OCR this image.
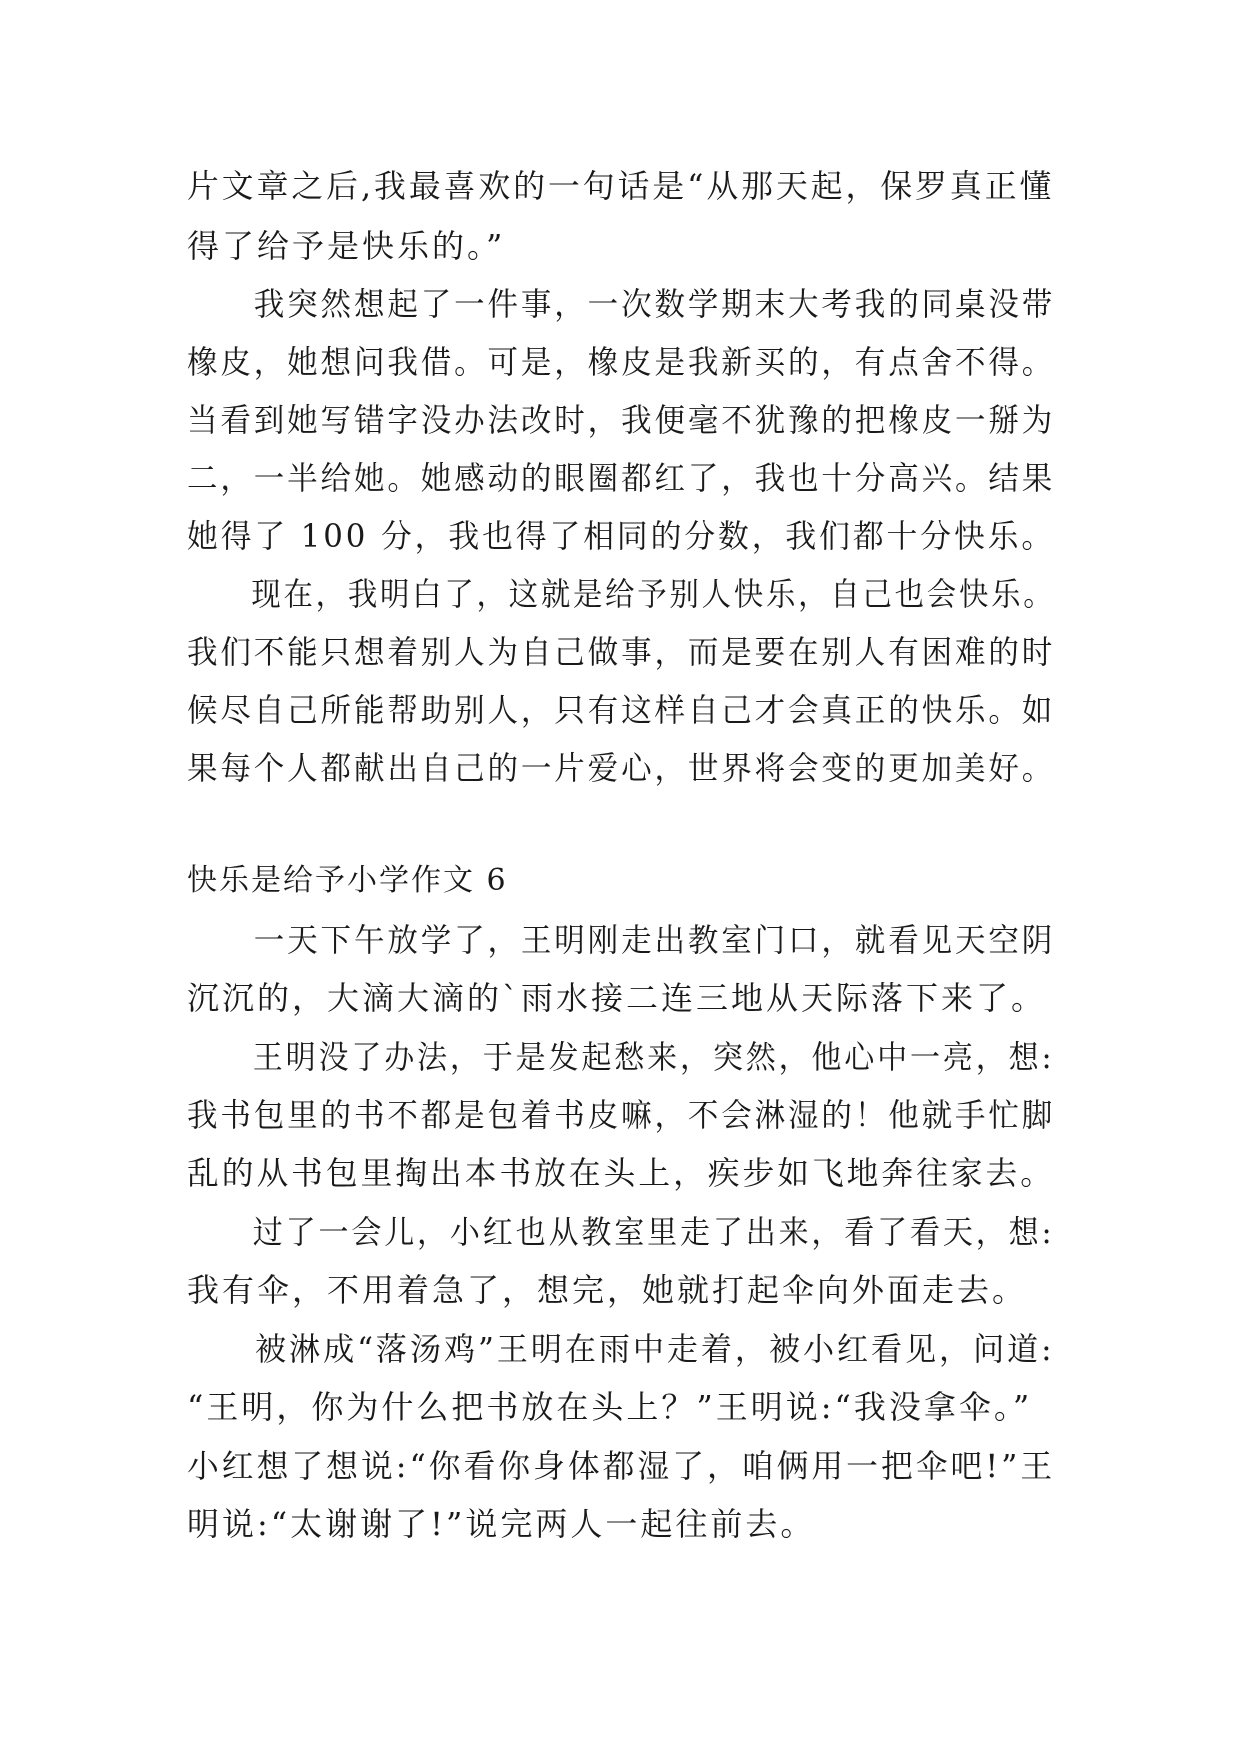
片文章之后,我最喜欢的一句话是“从那天起，保罗真正懂
得了给予是快乐的。”
　　我突然想起了一件事，一次数学期末大考我的同桌没带
橡皮，她想问我借。可是，橡皮是我新买的，有点舍不得。
当看到她写错字没办法改时，我便毫不犹豫的把橡皮一掰为
二，一半给她。她感动的眼圈都红了，我也十分高兴。结果
她得了 100 分，我也得了相同的分数，我们都十分快乐。
　　现在，我明白了，这就是给予别人快乐，自己也会快乐。
我们不能只想着别人为自己做事，而是要在别人有困难的时
候尽自己所能帮助别人，只有这样自己才会真正的快乐。如
果每个人都献出自己的一片爱心，世界将会变的更加美好。
快乐是给予小学作文 6
　　一天下午放学了，王明刚走出教室门口，就看见天空阴
沉沉的，大滴大滴的`雨水接二连三地从天际落下来了。
　　王明没了办法，于是发起愁来，突然，他心中一亮，想:
我书包里的书不都是包着书皮嘛，不会淋湿的！他就手忙脚
乱的从书包里掏出本书放在头上，疾步如飞地奔往家去。
　　过了一会儿，小红也从教室里走了出来，看了看天，想:
我有伞，不用着急了，想完，她就打起伞向外面走去。
　　被淋成“落汤鸡”王明在雨中走着，被小红看见，问道:
“王明，你为什么把书放在头上？”王明说:“我没拿伞。”
小红想了想说:“你看你身体都湿了，咱俩用一把伞吧!”王
明说:“太谢谢了!”说完两人一起往前去。
